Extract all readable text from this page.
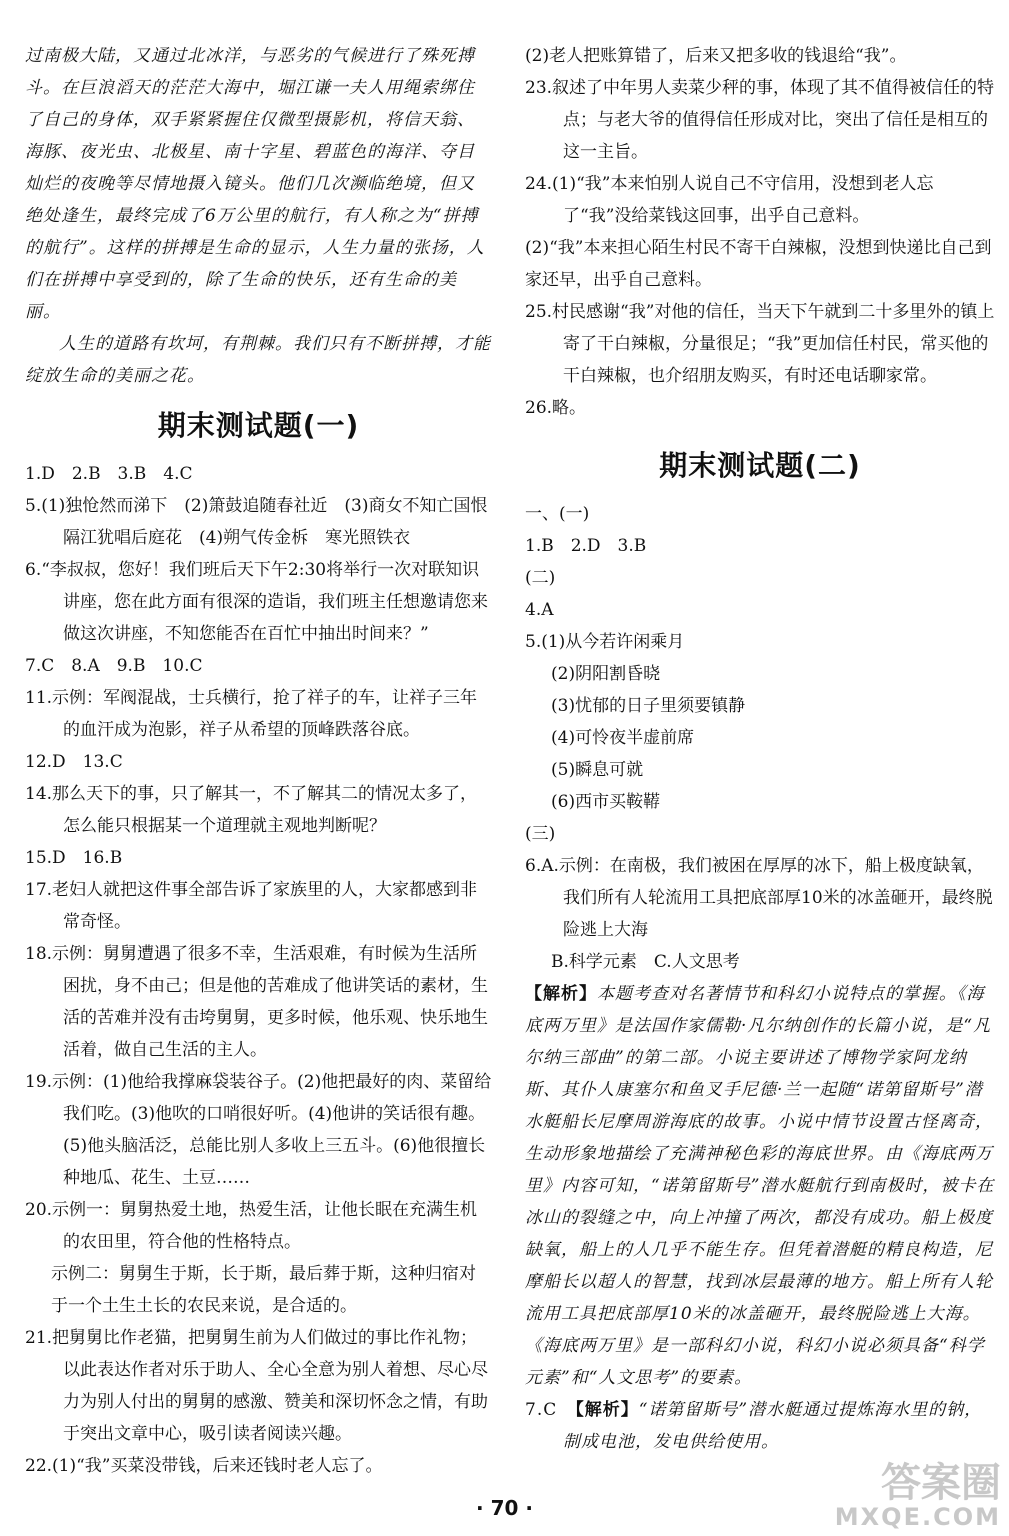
过南极大陆，又通过北冰洋，与恶劣的气候进行了殊死搏斗。在巨浪滔天的茫茫大海中，堀江谦一夫人用绳索绑住了自己的身体，双手紧紧握住仅微型摄影机，将信天翁、海豚、夜光虫、北极星、南十字星、碧蓝色的海洋、夺目灿烂的夜晚等尽情地摄入镜头。他们几次濒临绝境，但又绝处逢生，最终完成了6万公里的航行，有人称之为“拼搏的航行”。这样的拼搏是生命的显示，人生力量的张扬，人们在拼搏中享受到的，除了生命的快乐，还有生命的美丽。

人生的道路有坎坷，有荆棘。我们只有不断拼搏，才能绽放生命的美丽之花。

期末测试题(一)

1.D　2.B　3.B　4.C

5.(1)独怆然而涕下　(2)箫鼓追随春社近　(3)商女不知亡国恨　隔江犹唱后庭花　(4)朔气传金柝　寒光照铁衣

6.“李叔叔，您好！我们班后天下午2:30将举行一次对联知识讲座，您在此方面有很深的造诣，我们班主任想邀请您来做这次讲座，不知您能否在百忙中抽出时间来？”

7.C　8.A　9.B　10.C

11.示例：军阀混战，士兵横行，抢了祥子的车，让祥子三年的血汗成为泡影，祥子从希望的顶峰跌落谷底。

12.D　13.C

14.那么天下的事，只了解其一，不了解其二的情况太多了，怎么能只根据某一个道理就主观地判断呢？

15.D　16.B

17.老妇人就把这件事全部告诉了家族里的人，大家都感到非常奇怪。

18.示例：舅舅遭遇了很多不幸，生活艰难，有时候为生活所困扰，身不由己；但是他的苦难成了他讲笑话的素材，生活的苦难并没有击垮舅舅，更多时候，他乐观、快乐地生活着，做自己生活的主人。

19.示例：(1)他给我撑麻袋装谷子。(2)他把最好的肉、菜留给我们吃。(3)他吹的口哨很好听。(4)他讲的笑话很有趣。(5)他头脑活泛，总能比别人多收上三五斗。(6)他很擅长种地瓜、花生、土豆……

20.示例一：舅舅热爱土地，热爱生活，让他长眠在充满生机的农田里，符合他的性格特点。

示例二：舅舅生于斯，长于斯，最后葬于斯，这种归宿对于一个土生土长的农民来说，是合适的。

21.把舅舅比作老猫，把舅舅生前为人们做过的事比作礼物；以此表达作者对乐于助人、全心全意为别人着想、尽心尽力为别人付出的舅舅的感激、赞美和深切怀念之情，有助于突出文章中心，吸引读者阅读兴趣。

22.(1)“我”买菜没带钱，后来还钱时老人忘了。

(2)老人把账算错了，后来又把多收的钱退给“我”。

23.叙述了中年男人卖菜少秤的事，体现了其不值得被信任的特点；与老大爷的值得信任形成对比，突出了信任是相互的这一主旨。

24.(1)“我”本来怕别人说自己不守信用，没想到老人忘了“我”没给菜钱这回事，出乎自己意料。

(2)“我”本来担心陌生村民不寄干白辣椒，没想到快递比自己到家还早，出乎自己意料。

25.村民感谢“我”对他的信任，当天下午就到二十多里外的镇上寄了干白辣椒，分量很足；“我”更加信任村民，常买他的干白辣椒，也介绍朋友购买，有时还电话聊家常。

26.略。

期末测试题(二)

一、(一)

1.B　2.D　3.B

(二)

4.A

5.(1)从今若许闲乘月

(2)阴阳割昏晓

(3)忧郁的日子里须要镇静

(4)可怜夜半虚前席

(5)瞬息可就

(6)西市买鞍鞯

(三)

6.A.示例：在南极，我们被困在厚厚的冰下，船上极度缺氧，我们所有人轮流用工具把底部厚10米的冰盖砸开，最终脱险逃上大海

B.科学元素　C.人文思考

【解析】本题考查对名著情节和科幻小说特点的掌握。《海底两万里》是法国作家儒勒·凡尔纳创作的长篇小说，是“凡尔纳三部曲”的第二部。小说主要讲述了博物学家阿龙纳斯、其仆人康塞尔和鱼叉手尼德·兰一起随“诺第留斯号”潜水艇船长尼摩周游海底的故事。小说中情节设置古怪离奇，生动形象地描绘了充满神秘色彩的海底世界。由《海底两万里》内容可知，“诺第留斯号”潜水艇航行到南极时，被卡在冰山的裂缝之中，向上冲撞了两次，都没有成功。船上极度缺氧，船上的人几乎不能生存。但凭着潜艇的精良构造，尼摩船长以超人的智慧，找到冰层最薄的地方。船上所有人轮流用工具把底部厚10米的冰盖砸开，最终脱险逃上大海。《海底两万里》是一部科幻小说，科幻小说必须具备“科学元素”和“人文思考”的要素。

7.C　【解析】“诺第留斯号”潜水艇通过提炼海水里的钠，制成电池，发电供给使用。

· 70 ·
答案圈
MXQE.COM
